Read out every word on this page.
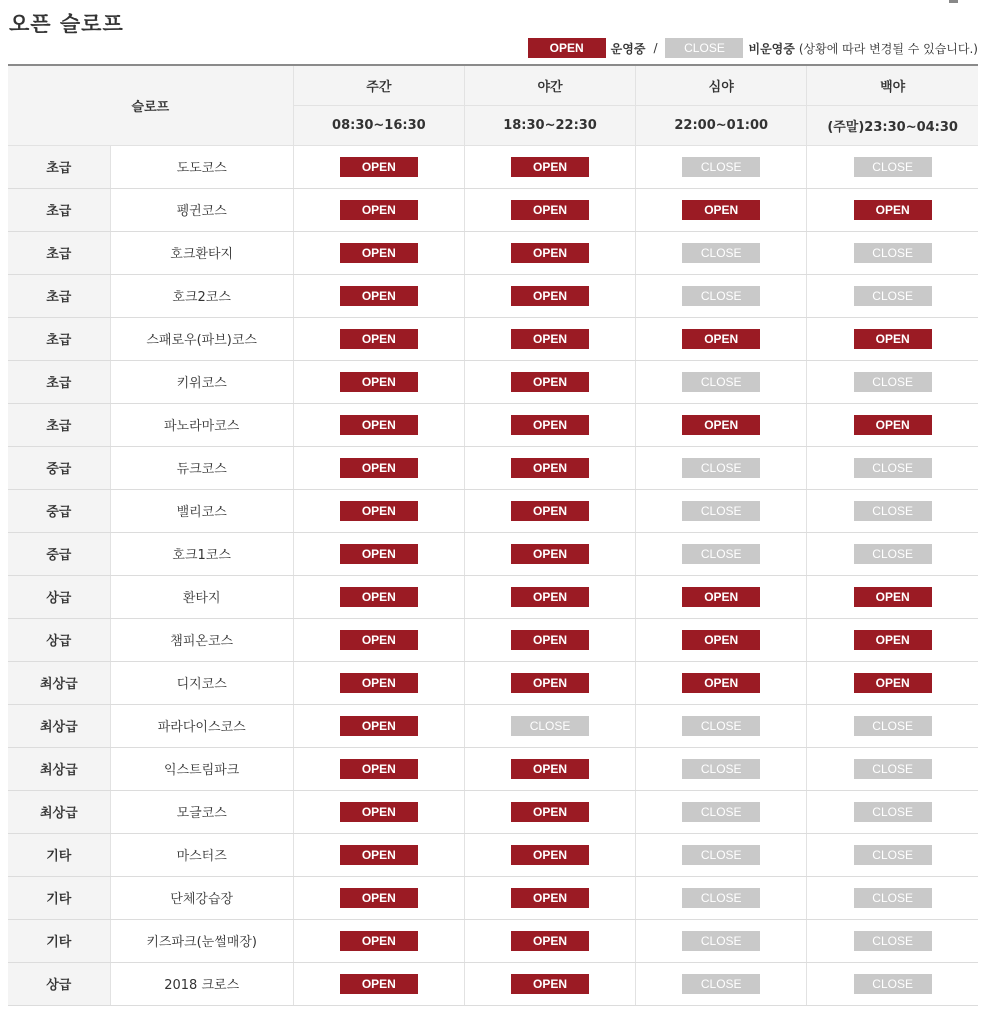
오픈 슬로프
OPEN	운영중 /	CLOSE	비운영중 (상황에 따라 변경될 수 있습니다.)
슬로프		주간	야간	심야	백야
		08:30~16:30	18:30~22:30	22:00~01:00	(주말)23:30~04:30
초급	도도코스	OPEN	OPEN	CLOSE	CLOSE
초급	펭귄코스	OPEN	OPEN	OPEN	OPEN
초급	호크환타지	OPEN	OPEN	CLOSE	CLOSE
초급	호크2코스	OPEN	OPEN	CLOSE	CLOSE
초급	스패로우(파브)코스	OPEN	OPEN	OPEN	OPEN
초급	키위코스	OPEN	OPEN	CLOSE	CLOSE
초급	파노라마코스	OPEN	OPEN	OPEN	OPEN
중급	듀크코스	OPEN	OPEN	CLOSE	CLOSE
중급	밸리코스	OPEN	OPEN	CLOSE	CLOSE
중급	호크1코스	OPEN	OPEN	CLOSE	CLOSE
상급	환타지	OPEN	OPEN	OPEN	OPEN
상급	챔피온코스	OPEN	OPEN	OPEN	OPEN
최상급	디지코스	OPEN	OPEN	OPEN	OPEN
최상급	파라다이스코스	OPEN	CLOSE	CLOSE	CLOSE
최상급	익스트림파크	OPEN	OPEN	CLOSE	CLOSE
최상급	모글코스	OPEN	OPEN	CLOSE	CLOSE
기타	마스터즈	OPEN	OPEN	CLOSE	CLOSE
기타	단체강습장	OPEN	OPEN	CLOSE	CLOSE
기타	키즈파크(눈썰매장)	OPEN	OPEN	CLOSE	CLOSE
상급	2018 크로스	OPEN	OPEN	CLOSE	CLOSE
